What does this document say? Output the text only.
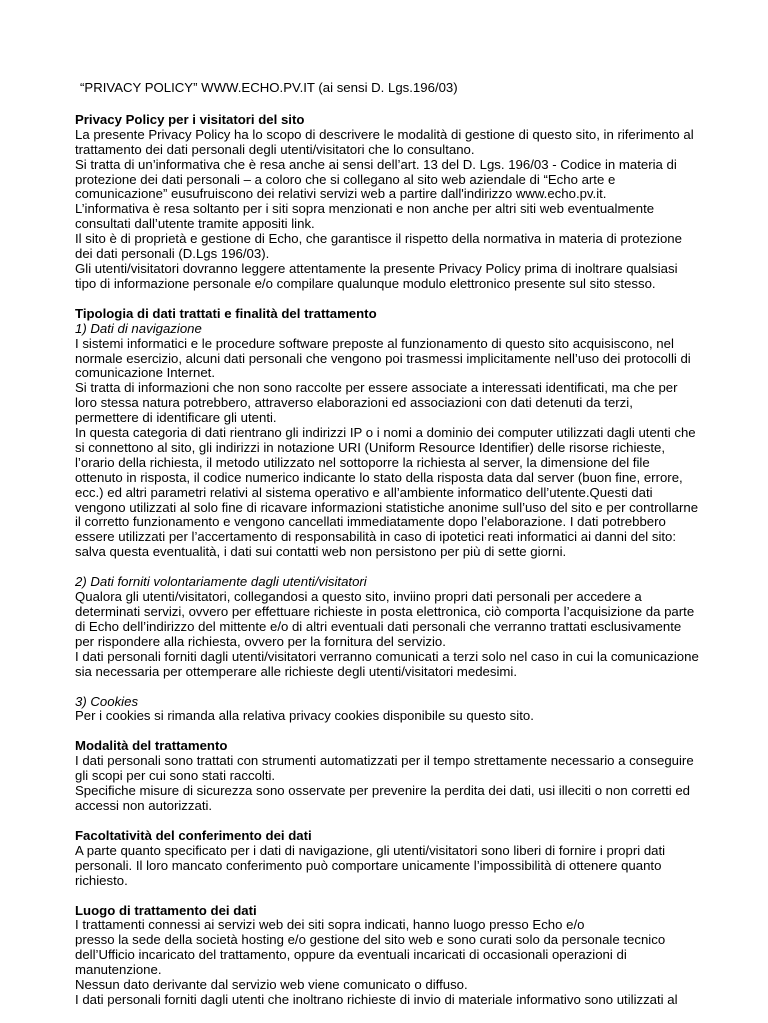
“PRIVACY POLICY” WWW.ECHO.PV.IT (ai sensi D. Lgs.196/03)

Privacy Policy per i visitatori del sito

La presente Privacy Policy ha lo scopo di descrivere le modalità di gestione di questo sito, in riferimento al trattamento dei dati personali degli utenti/visitatori che lo consultano.

Si tratta di un’informativa che è resa anche ai sensi dell’art. 13 del D. Lgs. 196/03 - Codice in materia di protezione dei dati personali – a coloro che si collegano al sito web aziendale di “Echo arte e comunicazione” eusufruiscono dei relativi servizi web a partire dall'indirizzo www.echo.pv.it.

L’informativa è resa soltanto per i siti sopra menzionati e non anche per altri siti web eventualmente consultati dall’utente tramite appositi link.

Il sito è di proprietà e gestione di Echo, che garantisce il rispetto della normativa in materia di protezione dei dati personali (D.Lgs 196/03).

Gli utenti/visitatori dovranno leggere attentamente la presente Privacy Policy prima di inoltrare qualsiasi tipo di informazione personale e/o compilare qualunque modulo elettronico presente sul sito stesso.

Tipologia di dati trattati e finalità del trattamento

1) Dati di navigazione

I sistemi informatici e le procedure software preposte al funzionamento di questo sito acquisiscono, nel normale esercizio, alcuni dati personali che vengono poi trasmessi implicitamente nell’uso dei protocolli di comunicazione Internet.

Si tratta di informazioni che non sono raccolte per essere associate a interessati identificati, ma che per loro stessa natura potrebbero, attraverso elaborazioni ed associazioni con dati detenuti da terzi, permettere di identificare gli utenti.

In questa categoria di dati rientrano gli indirizzi IP o i nomi a dominio dei computer utilizzati dagli utenti che si connettono al sito, gli indirizzi in notazione URI (Uniform Resource Identifier) delle risorse richieste, l’orario della richiesta, il metodo utilizzato nel sottoporre la richiesta al server, la dimensione del file ottenuto in risposta, il codice numerico indicante lo stato della risposta data dal server (buon fine, errore, ecc.) ed altri parametri relativi al sistema operativo e all’ambiente informatico dell’utente.Questi dati vengono utilizzati al solo fine di ricavare informazioni statistiche anonime sull’uso del sito e per controllarne il corretto funzionamento e vengono cancellati immediatamente dopo l’elaborazione. I dati potrebbero essere utilizzati per l’accertamento di responsabilità in caso di ipotetici reati informatici ai danni del sito: salva questa eventualità, i dati sui contatti web non persistono per più di sette giorni.

2) Dati forniti volontariamente dagli utenti/visitatori

Qualora gli utenti/visitatori, collegandosi a questo sito, inviino propri dati personali per accedere a determinati servizi, ovvero per effettuare richieste in posta elettronica, ciò comporta l’acquisizione da parte di Echo dell’indirizzo del mittente e/o di altri eventuali dati personali che verranno trattati esclusivamente per rispondere alla richiesta, ovvero per la fornitura del servizio.

I dati personali forniti dagli utenti/visitatori verranno comunicati a terzi solo nel caso in cui la comunicazione sia necessaria per ottemperare alle richieste degli utenti/visitatori medesimi.

3) Cookies

Per i cookies si rimanda alla relativa privacy cookies disponibile su questo sito.

Modalità del trattamento

I dati personali sono trattati con strumenti automatizzati per il tempo strettamente necessario a conseguire gli scopi per cui sono stati raccolti.

Specifiche misure di sicurezza sono osservate per prevenire la perdita dei dati, usi illeciti o non corretti ed accessi non autorizzati.

Facoltatività del conferimento dei dati

A parte quanto specificato per i dati di navigazione, gli utenti/visitatori sono liberi di fornire i propri dati personali. Il loro mancato conferimento può comportare unicamente l’impossibilità di ottenere quanto richiesto.

Luogo di trattamento dei dati

I trattamenti connessi ai servizi web dei siti sopra indicati, hanno luogo presso Echo e/o

presso la sede della società hosting e/o gestione del sito web e sono curati solo da personale tecnico dell’Ufficio incaricato del trattamento, oppure da eventuali incaricati di occasionali operazioni di manutenzione.

Nessun dato derivante dal servizio web viene comunicato o diffuso.

I dati personali forniti dagli utenti che inoltrano richieste di invio di materiale informativo sono utilizzati al
